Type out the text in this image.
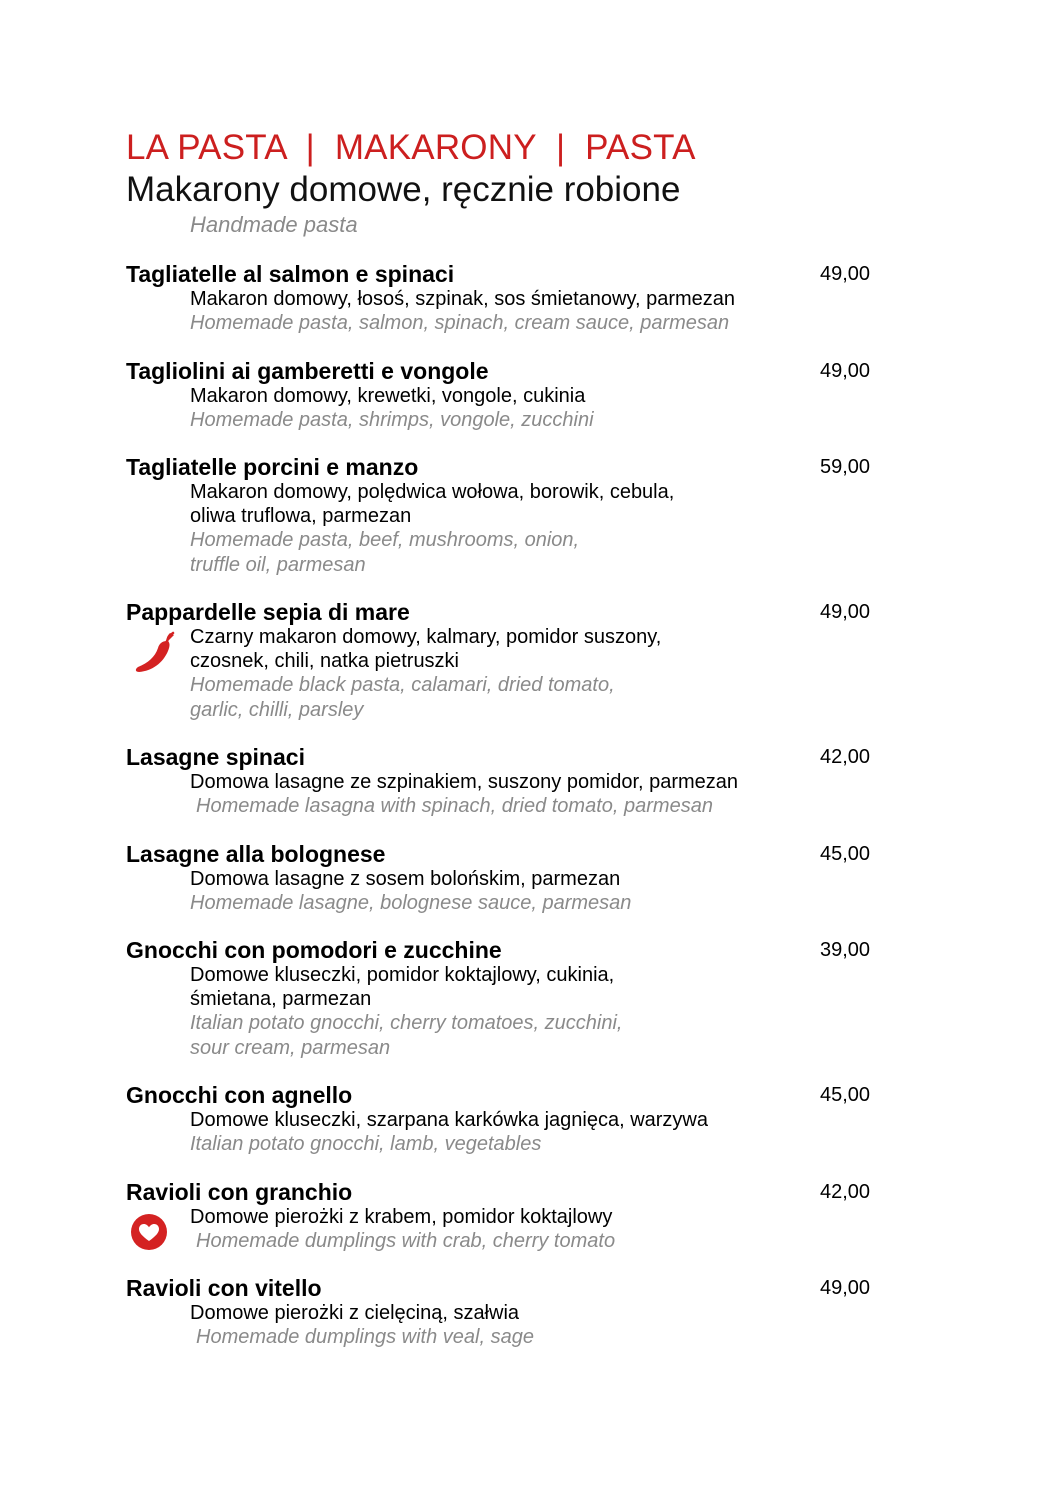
LA PASTA  |  MAKARONY  |  PASTA
Makarony domowe, ręcznie robione
Handmade pasta
Tagliatelle al salmon e spinaci	49,00
Makaron domowy, łosoś, szpinak, sos śmietanowy, parmezan
Homemade pasta, salmon, spinach, cream sauce, parmesan
Tagliolini ai gamberetti e vongole	49,00
Makaron domowy, krewetki, vongole, cukinia
Homemade pasta, shrimps, vongole, zucchini
Tagliatelle porcini e manzo	59,00
Makaron domowy, polędwica wołowa, borowik, cebula,
oliwa truflowa, parmezan
Homemade pasta, beef, mushrooms, onion,
truffle oil, parmesan
Pappardelle sepia di mare	49,00
Czarny makaron domowy, kalmary, pomidor suszony,
czosnek, chili, natka pietruszki
Homemade black pasta, calamari, dried tomato,
garlic, chilli, parsley
Lasagne spinaci	42,00
Domowa lasagne ze szpinakiem, suszony pomidor, parmezan
Homemade lasagna with spinach, dried tomato, parmesan
Lasagne alla bolognese	45,00
Domowa lasagne z sosem bolońskim, parmezan
Homemade lasagne, bolognese sauce, parmesan
Gnocchi con pomodori e zucchine	39,00
Domowe kluseczki, pomidor koktajlowy, cukinia,
śmietana, parmezan
Italian potato gnocchi, cherry tomatoes, zucchini,
sour cream, parmesan
Gnocchi con agnello	45,00
Domowe kluseczki, szarpana karkówka jagnięca, warzywa
Italian potato gnocchi, lamb, vegetables
Ravioli con granchio	42,00
Domowe pierożki z krabem, pomidor koktajlowy
Homemade dumplings with crab, cherry tomato
Ravioli con vitello	49,00
Domowe pierożki z cielęciną, szałwia
Homemade dumplings with veal, sage
